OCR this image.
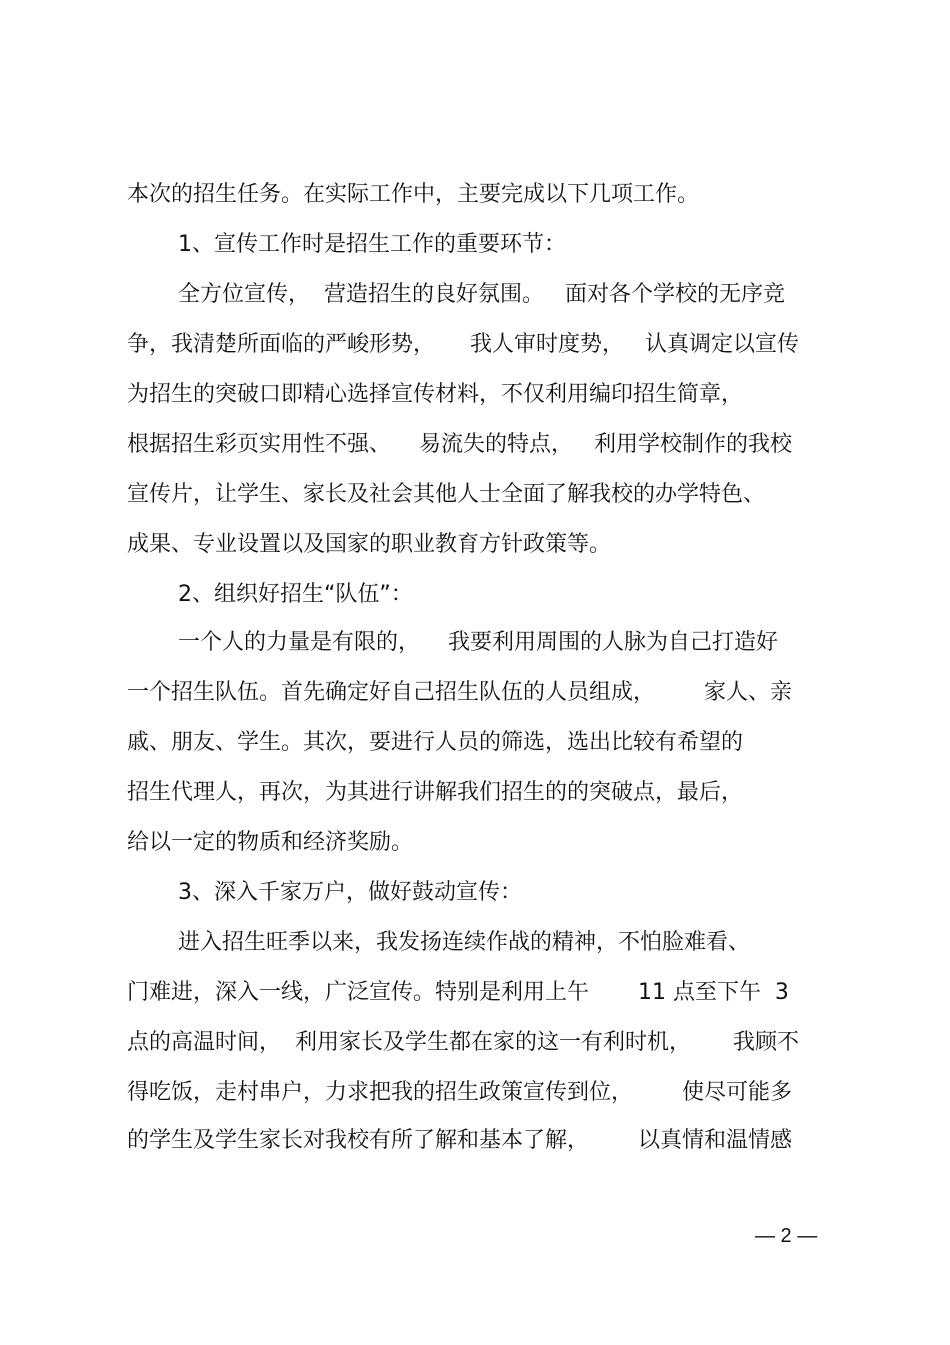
本次的招生任务。在实际工作中，主要完成以下几项工作。
1、宣传工作时是招生工作的重要环节：
全方位宣传，  营造招生的良好氛围。   面对各个学校的无序竞
争，我清楚所面临的严峻形势，     我人审时度势，   认真调定以宣传
为招生的突破口即精心选择宣传材料，不仅利用编印招生简章，
根据招生彩页实用性不强、    易流失的特点，   利用学校制作的我校
宣传片，让学生、家长及社会其他人士全面了解我校的办学特色、
成果、专业设置以及国家的职业教育方针政策等。
2、组织好招生“队伍”：
一个人的力量是有限的，    我要利用周围的人脉为自己打造好
一个招生队伍。首先确定好自己招生队伍的人员组成，       家人、亲
戚、朋友、学生。其次，要进行人员的筛选，选出比较有希望的
招生代理人，再次，为其进行讲解我们招生的的突破点，最后，
给以一定的物质和经济奖励。
3、深入千家万户，做好鼓动宣传：
进入招生旺季以来，我发扬连续作战的精神，不怕脸难看、
门难进，深入一线，广泛宣传。特别是利用上午       11 点至下午  3
点的高温时间，  利用家长及学生都在家的这一有利时机，      我顾不
得吃饭，走村串户，力求把我的招生政策宣传到位，       使尽可能多
的学生及学生家长对我校有所了解和基本了解，       以真情和温情感
— 2 —
